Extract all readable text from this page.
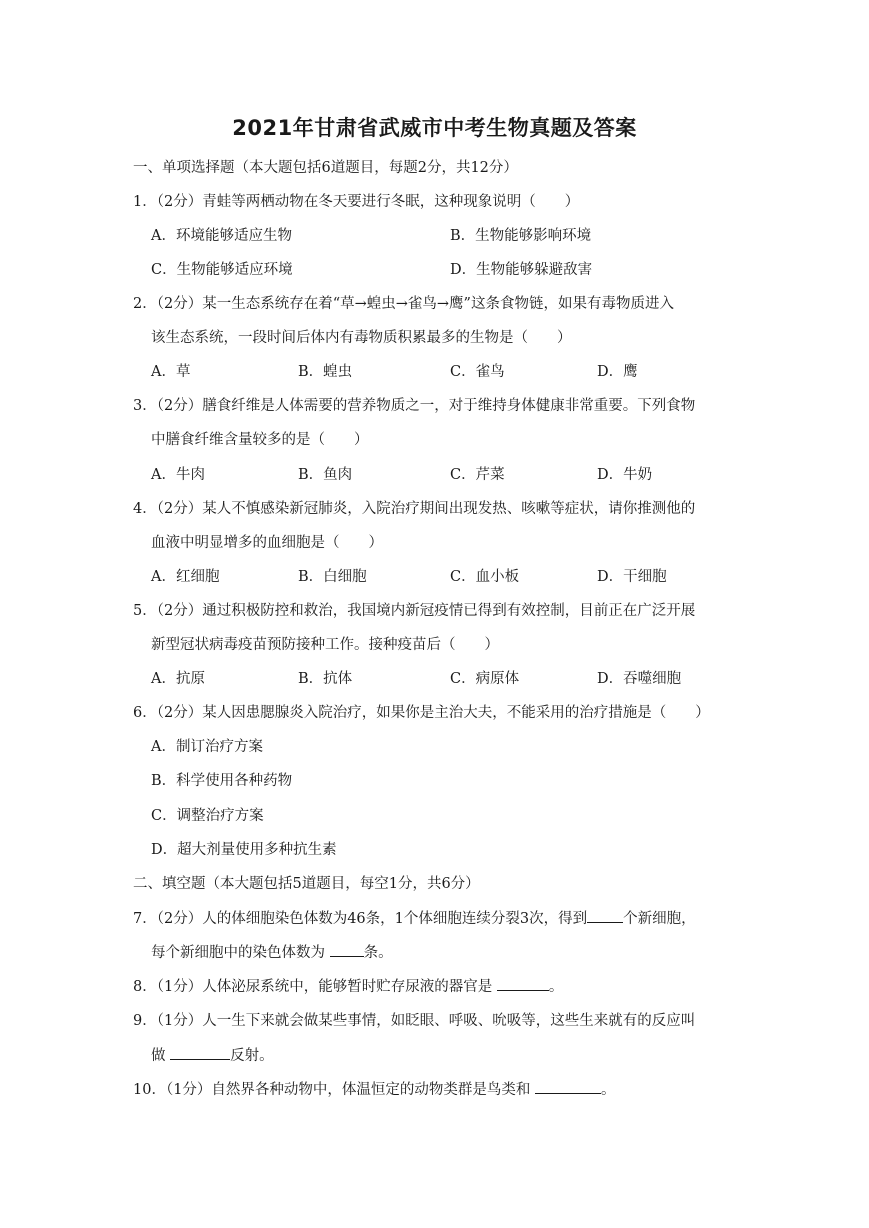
2021年甘肃省武威市中考生物真题及答案
一、单项选择题（本大题包括6道题目，每题2分，共12分）
1．（2分）青蛙等两栖动物在冬天要进行冬眠，这种现象说明（　　）
A．环境能够适应生物	B．生物能够影响环境
C．生物能够适应环境	D．生物能够躲避敌害
2．（2分）某一生态系统存在着“草→蝗虫→雀鸟→鹰”这条食物链，如果有毒物质进入
该生态系统，一段时间后体内有毒物质积累最多的生物是（　　）
A．草	B．蝗虫	C．雀鸟	D．鹰
3．（2分）膳食纤维是人体需要的营养物质之一，对于维持身体健康非常重要。下列食物
中膳食纤维含量较多的是（　　）
A．牛肉	B．鱼肉	C．芹菜	D．牛奶
4．（2分）某人不慎感染新冠肺炎，入院治疗期间出现发热、咳嗽等症状，请你推测他的
血液中明显增多的血细胞是（　　）
A．红细胞	B．白细胞	C．血小板	D．干细胞
5．（2分）通过积极防控和救治，我国境内新冠疫情已得到有效控制，目前正在广泛开展
新型冠状病毒疫苗预防接种工作。接种疫苗后（　　）
A．抗原	B．抗体	C．病原体	D．吞噬细胞
6．（2分）某人因患腮腺炎入院治疗，如果你是主治大夫，不能采用的治疗措施是（　　）
A．制订治疗方案
B．科学使用各种药物
C．调整治疗方案
D．超大剂量使用多种抗生素
二、填空题（本大题包括5道题目，每空1分，共6分）
7．（2分）人的体细胞染色体数为46条，1个体细胞连续分裂3次，得到 个新细胞，
每个新细胞中的染色体数为 条。
8．（1分）人体泌尿系统中，能够暂时贮存尿液的器官是	。
9．（1分）人一生下来就会做某些事情，如眨眼、呼吸、吮吸等，这些生来就有的反应叫
做	反射。
10．（1分）自然界各种动物中，体温恒定的动物类群是鸟类和	。
